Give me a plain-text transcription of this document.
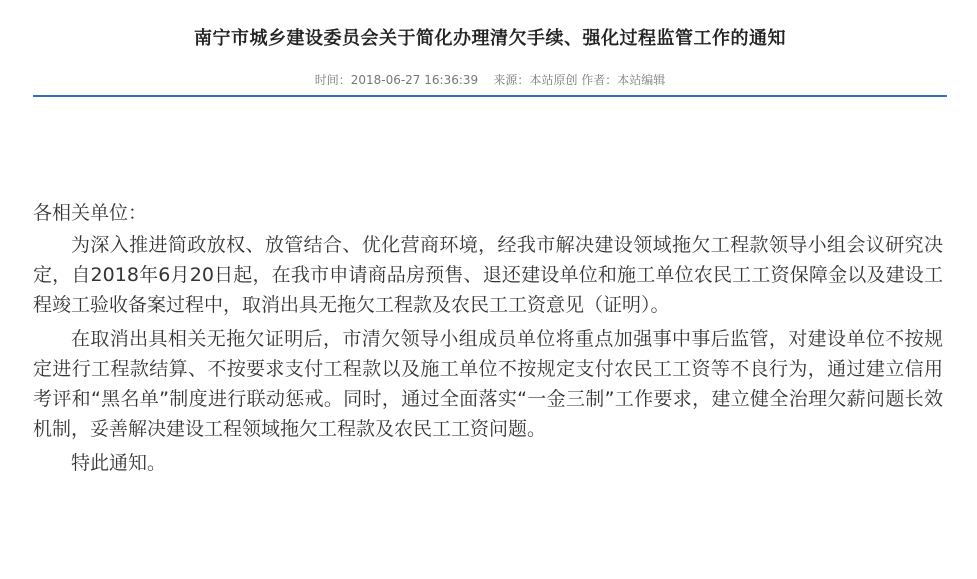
南宁市城乡建设委员会关于简化办理清欠手续、强化过程监管工作的通知
时间：2018-06-27 16:36:39 来源：本站原创 作者：本站编辑

各相关单位：

为深入推进简政放权、放管结合、优化营商环境，经我市解决建设领域拖欠工程款领导小组会议研究决定，自2018年6月20日起，在我市申请商品房预售、退还建设单位和施工单位农民工工资保障金以及建设工程竣工验收备案过程中，取消出具无拖欠工程款及农民工工资意见（证明）。

在取消出具相关无拖欠证明后，市清欠领导小组成员单位将重点加强事中事后监管，对建设单位不按规定进行工程款结算、不按要求支付工程款以及施工单位不按规定支付农民工工资等不良行为，通过建立信用考评和“黑名单”制度进行联动惩戒。同时，通过全面落实“一金三制”工作要求，建立健全治理欠薪问题长效机制，妥善解决建设工程领域拖欠工程款及农民工工资问题。

特此通知。
